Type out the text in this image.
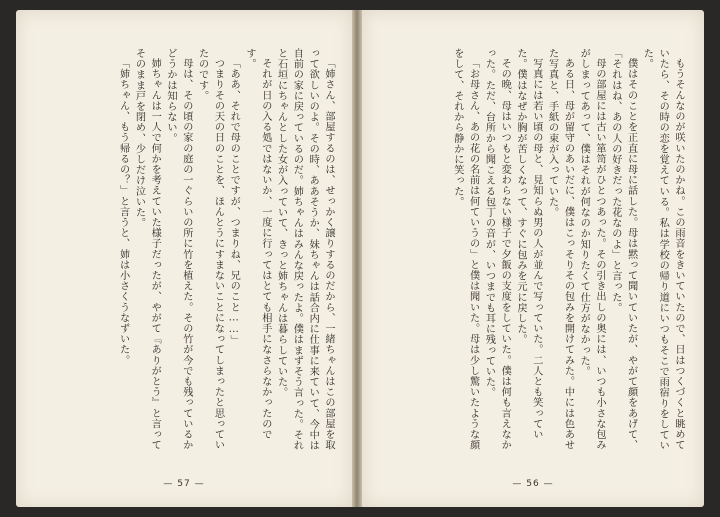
「姉さん、部屋するのは、せっかく譲りするのだから、一緒ちゃんはこの部屋を取って欲しいのよ。その時、ああそうか、妹ちゃんは話合内に仕事に来ていて、今中は自前の家に戻っているのだ。姉ちゃんはみんな戻ったよ。僕はまずそう言った。それと石垣にちゃんとした女が入っていて、きっと姉ちゃんは暮らしていた。

それが日の入る処ではないか、一度に行ってはとても相手になさらなかったのです。

「ああ、それで母のことですが、つまりね、兄のこと……」

つまりその天の日のことを、ほんとうにすまないことになってしまったと思っていたのです。

母は、その頃の家の庭の一ぐらいの所に竹を植えた。その竹が今でも残っているかどうかは知らない。

姉ちゃんは一人で何かを考えていた様子だったが、やがて『ありがとう』と言ってそのまま戸を閉め、少しだけ泣いた。

「姉ちゃん、もう帰るの？」と言うと、姉は小さくうなずいた。

— 57 —

もうそんなのが咲いたのかね。この雨音をきいていたので、日はつくづくと眺めていたら、その時の恋を覚えている。私は学校の帰り道にいつもそこで雨宿りをしていた。

僕はそのことを正直に母に話した。母は黙って聞いていたが、やがて顔をあげて、「それはね、あの人の好きだった花なのよ」と言った。

母の部屋には古い箪笥がひとつあった。その引き出しの奥には、いつも小さな包みがしまってあって、僕はそれが何なのか知りたくて仕方がなかった。

ある日、母が留守のあいだに、僕はこっそりその包みを開けてみた。中には色あせた写真と、手紙の束が入っていた。

写真には若い頃の母と、見知らぬ男の人が並んで写っていた。二人とも笑っていた。僕はなぜか胸が苦しくなって、すぐに包みを元に戻した。

その晩、母はいつもと変わらない様子で夕飯の支度をしていた。僕は何も言えなかった。ただ、台所から聞こえる包丁の音が、いつまでも耳に残っていた。

「お母さん、あの花の名前は何ていうの」と僕は聞いた。母は少し驚いたような顔をして、それから静かに笑った。

— 56 —
